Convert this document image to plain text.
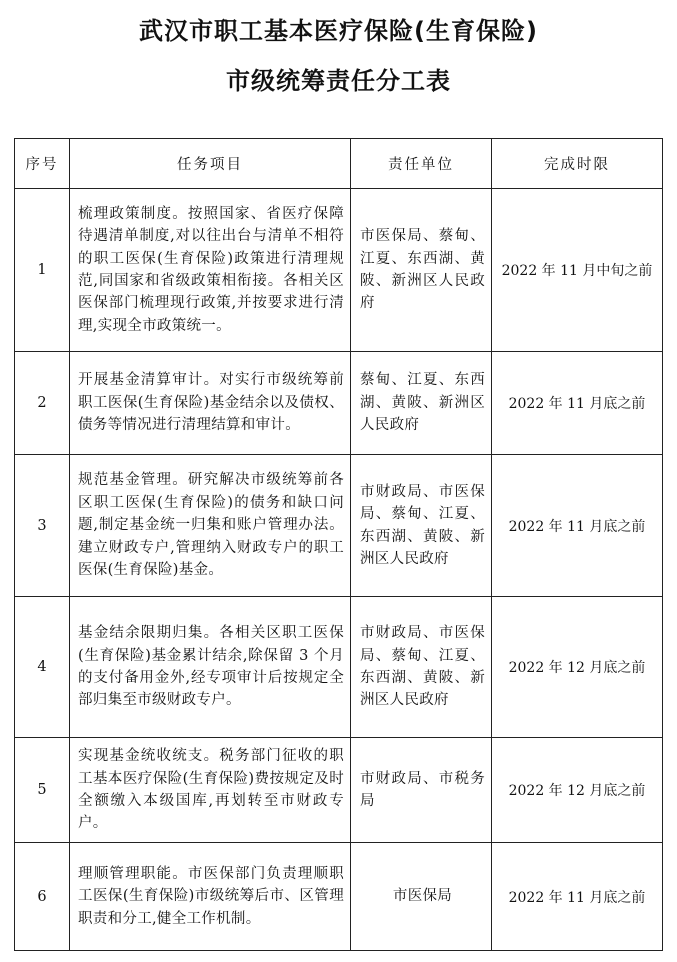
武汉市职工基本医疗保险(生育保险)
市级统筹责任分工表
序号	任务项目	责任单位	完成时限
1	梳理政策制度。按照国家、省医疗保障待遇清单制度,对以往出台与清单不相符的职工医保(生育保险)政策进行清理规范,同国家和省级政策相衔接。各相关区医保部门梳理现行政策,并按要求进行清理,实现全市政策统一。	市医保局、蔡甸、江夏、东西湖、黄陂、新洲区人民政府	2022 年 11 月中旬之前
2	开展基金清算审计。对实行市级统筹前职工医保(生育保险)基金结余以及债权、债务等情况进行清理结算和审计。	蔡甸、江夏、东西湖、黄陂、新洲区人民政府	2022 年 11 月底之前
3	规范基金管理。研究解决市级统筹前各区职工医保(生育保险)的债务和缺口问题,制定基金统一归集和账户管理办法。建立财政专户,管理纳入财政专户的职工医保(生育保险)基金。	市财政局、市医保局、蔡甸、江夏、东西湖、黄陂、新洲区人民政府	2022 年 11 月底之前
4	基金结余限期归集。各相关区职工医保(生育保险)基金累计结余,除保留 3 个月的支付备用金外,经专项审计后按规定全部归集至市级财政专户。	市财政局、市医保局、蔡甸、江夏、东西湖、黄陂、新洲区人民政府	2022 年 12 月底之前
5	实现基金统收统支。税务部门征收的职工基本医疗保险(生育保险)费按规定及时全额缴入本级国库,再划转至市财政专户。	市财政局、市税务局	2022 年 12 月底之前
6	理顺管理职能。市医保部门负责理顺职工医保(生育保险)市级统筹后市、区管理职责和分工,健全工作机制。	市医保局	2022 年 11 月底之前
